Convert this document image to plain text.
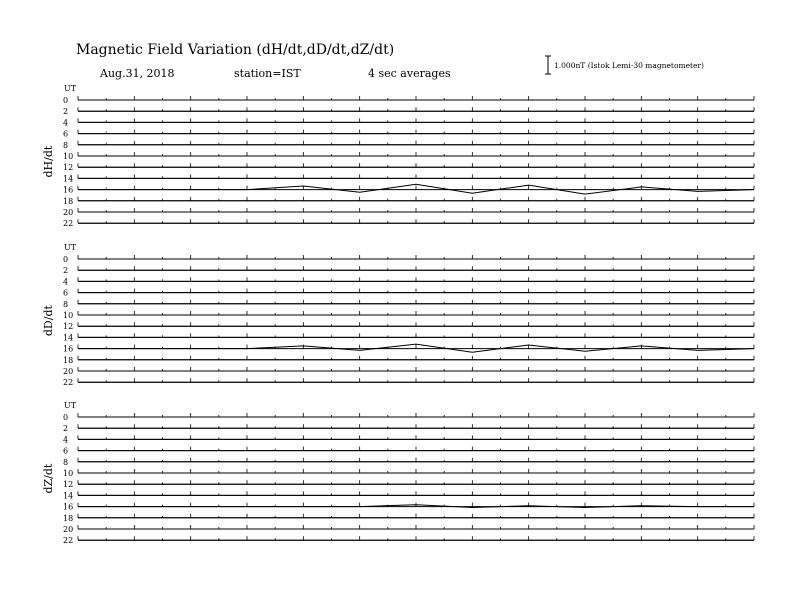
Magnetic Field Variation (dH/dt,dD/dt,dZ/dt)
Aug.31, 2018	station=IST	4 sec averages
1.000nT (Istok Lemi-30 magnetometer)
UT
dH/dt
0
2
4
6
8
10
12
14
16
18
20
22
UT
dD/dt
0
2
4
6
8
10
12
14
16
18
20
22
UT
dZ/dt
0
2
4
6
8
10
12
14
16
18
20
22
